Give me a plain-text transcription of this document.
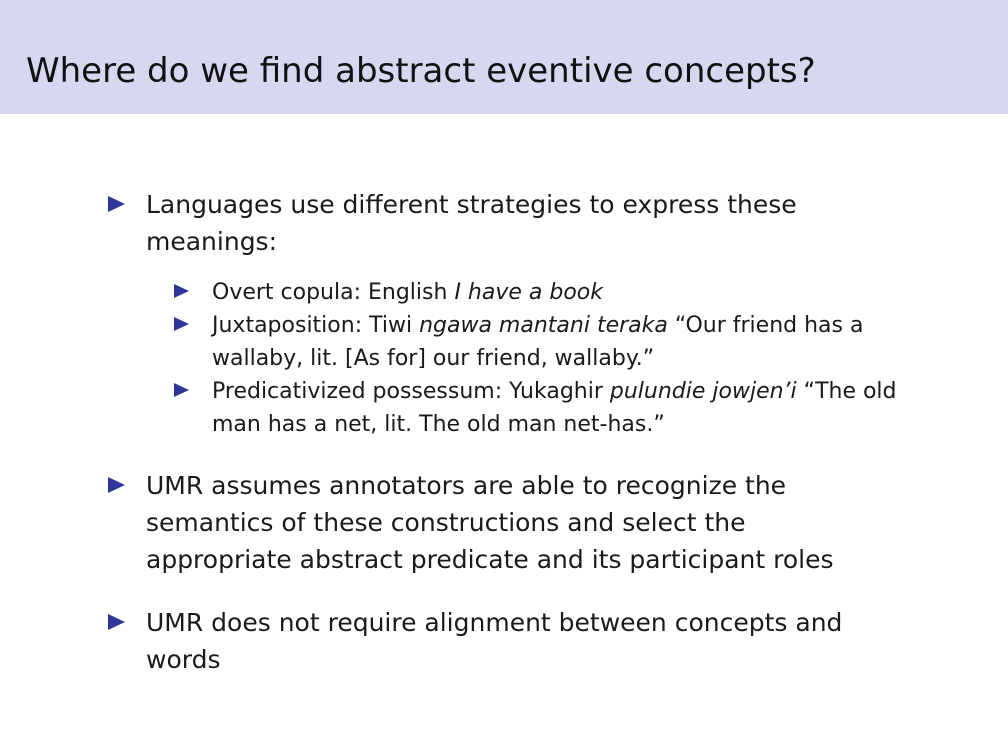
Where do we find abstract eventive concepts?
Languages use different strategies to express these meanings:
Overt copula: English I have a book
Juxtaposition: Tiwi ngawa mantani teraka “Our friend has a wallaby, lit. [As for] our friend, wallaby.”
Predicativized possessum: Yukaghir pulundie jowjen’i “The old man has a net, lit. The old man net-has.”
UMR assumes annotators are able to recognize the semantics of these constructions and select the appropriate abstract predicate and its participant roles
UMR does not require alignment between concepts and words
